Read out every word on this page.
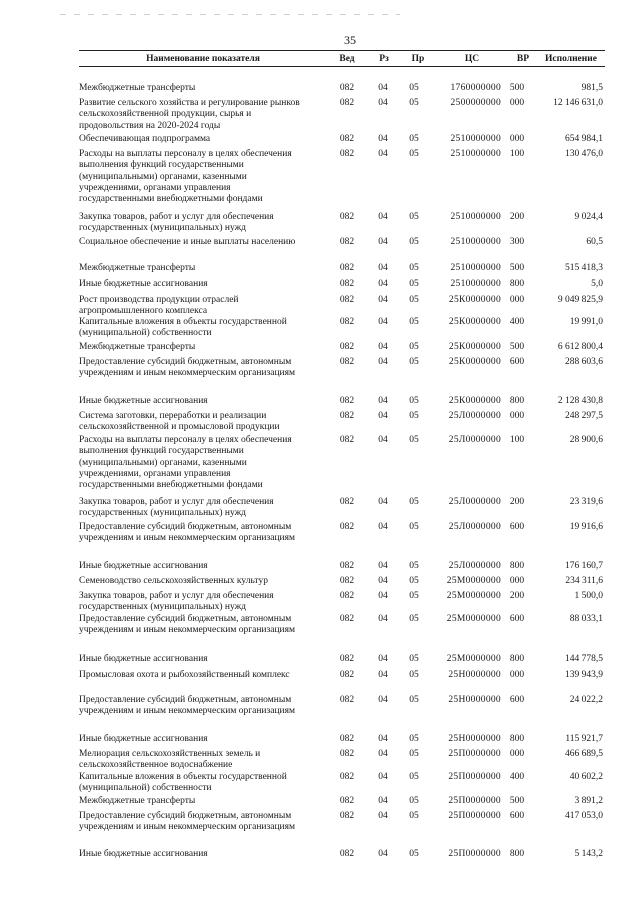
35
Наименование показателя	Вед	Рз	Пр	ЦС	ВР	Исполнение
Межбюджетные трансферты	082	04	05	1760000000 500	981,5
Развитие сельского хозяйства и регулирование рынков
сельскохозяйственной продукции, сырья и
продовольствия на 2020-2024 годы
082	04	05	2500000000 000	12 146 631,0
Обеспечивающая подпрограмма	082	04	05	2510000000 000	654 984,1
Расходы на выплаты персоналу в целях обеспечения
выполнения функций государственными
(муниципальными) органами, казенными
учреждениями, органами управления
государственными внебюджетными фондами
082	04	05	2510000000 100	130 476,0
Закупка товаров, работ и услуг для обеспечения
государственных (муниципальных) нужд
082	04	05	2510000000 200	9 024,4
Социальное обеспечение и иные выплаты населению	082	04	05	2510000000 300	60,5
Межбюджетные трансферты	082	04	05	2510000000 500	515 418,3
Иные бюджетные ассигнования	082	04	05	2510000000 800	5,0
Рост производства продукции отраслей
агропромышленного комплекса
082	04	05	25К0000000 000	9 049 825,9
Капитальные вложения в объекты государственной
(муниципальной) собственности
082	04	05	25К0000000 400	19 991,0
Межбюджетные трансферты	082	04	05	25К0000000 500	6 612 800,4
Предоставление субсидий бюджетным, автономным
учреждениям и иным некоммерческим организациям
082	04	05	25К0000000 600	288 603,6
Иные бюджетные ассигнования	082	04	05	25К0000000 800	2 128 430,8
Система заготовки, переработки и реализации
сельскохозяйственной и промысловой продукции
082	04	05	25Л0000000 000	248 297,5
Расходы на выплаты персоналу в целях обеспечения
выполнения функций государственными
(муниципальными) органами, казенными
учреждениями, органами управления
государственными внебюджетными фондами
082	04	05	25Л0000000 100	28 900,6
Закупка товаров, работ и услуг для обеспечения
государственных (муниципальных) нужд
082	04	05	25Л0000000 200	23 319,6
Предоставление субсидий бюджетным, автономным
учреждениям и иным некоммерческим организациям
082	04	05	25Л0000000 600	19 916,6
Иные бюджетные ассигнования	082	04	05	25Л0000000 800	176 160,7
Семеноводство сельскохозяйственных культур	082	04	05	25М0000000 000	234 311,6
Закупка товаров, работ и услуг для обеспечения
государственных (муниципальных) нужд
082	04	05	25М0000000 200	1 500,0
Предоставление субсидий бюджетным, автономным
учреждениям и иным некоммерческим организациям
082	04	05	25М0000000 600	88 033,1
Иные бюджетные ассигнования	082	04	05	25М0000000 800	144 778,5
Промысловая охота и рыбохозяйственный комплекс	082	04	05	25Н0000000 000	139 943,9
Предоставление субсидий бюджетным, автономным
учреждениям и иным некоммерческим организациям
082	04	05	25Н0000000 600	24 022,2
Иные бюджетные ассигнования	082	04	05	25Н0000000 800	115 921,7
Мелиорация сельскохозяйственных земель и
сельскохозяйственное водоснабжение
082	04	05	25П0000000 000	466 689,5
Капитальные вложения в объекты государственной
(муниципальной) собственности
082	04	05	25П0000000 400	40 602,2
Межбюджетные трансферты	082	04	05	25П0000000 500	3 891,2
Предоставление субсидий бюджетным, автономным
учреждениям и иным некоммерческим организациям
082	04	05	25П0000000 600	417 053,0
Иные бюджетные ассигнования	082	04	05	25П0000000 800	5 143,2
